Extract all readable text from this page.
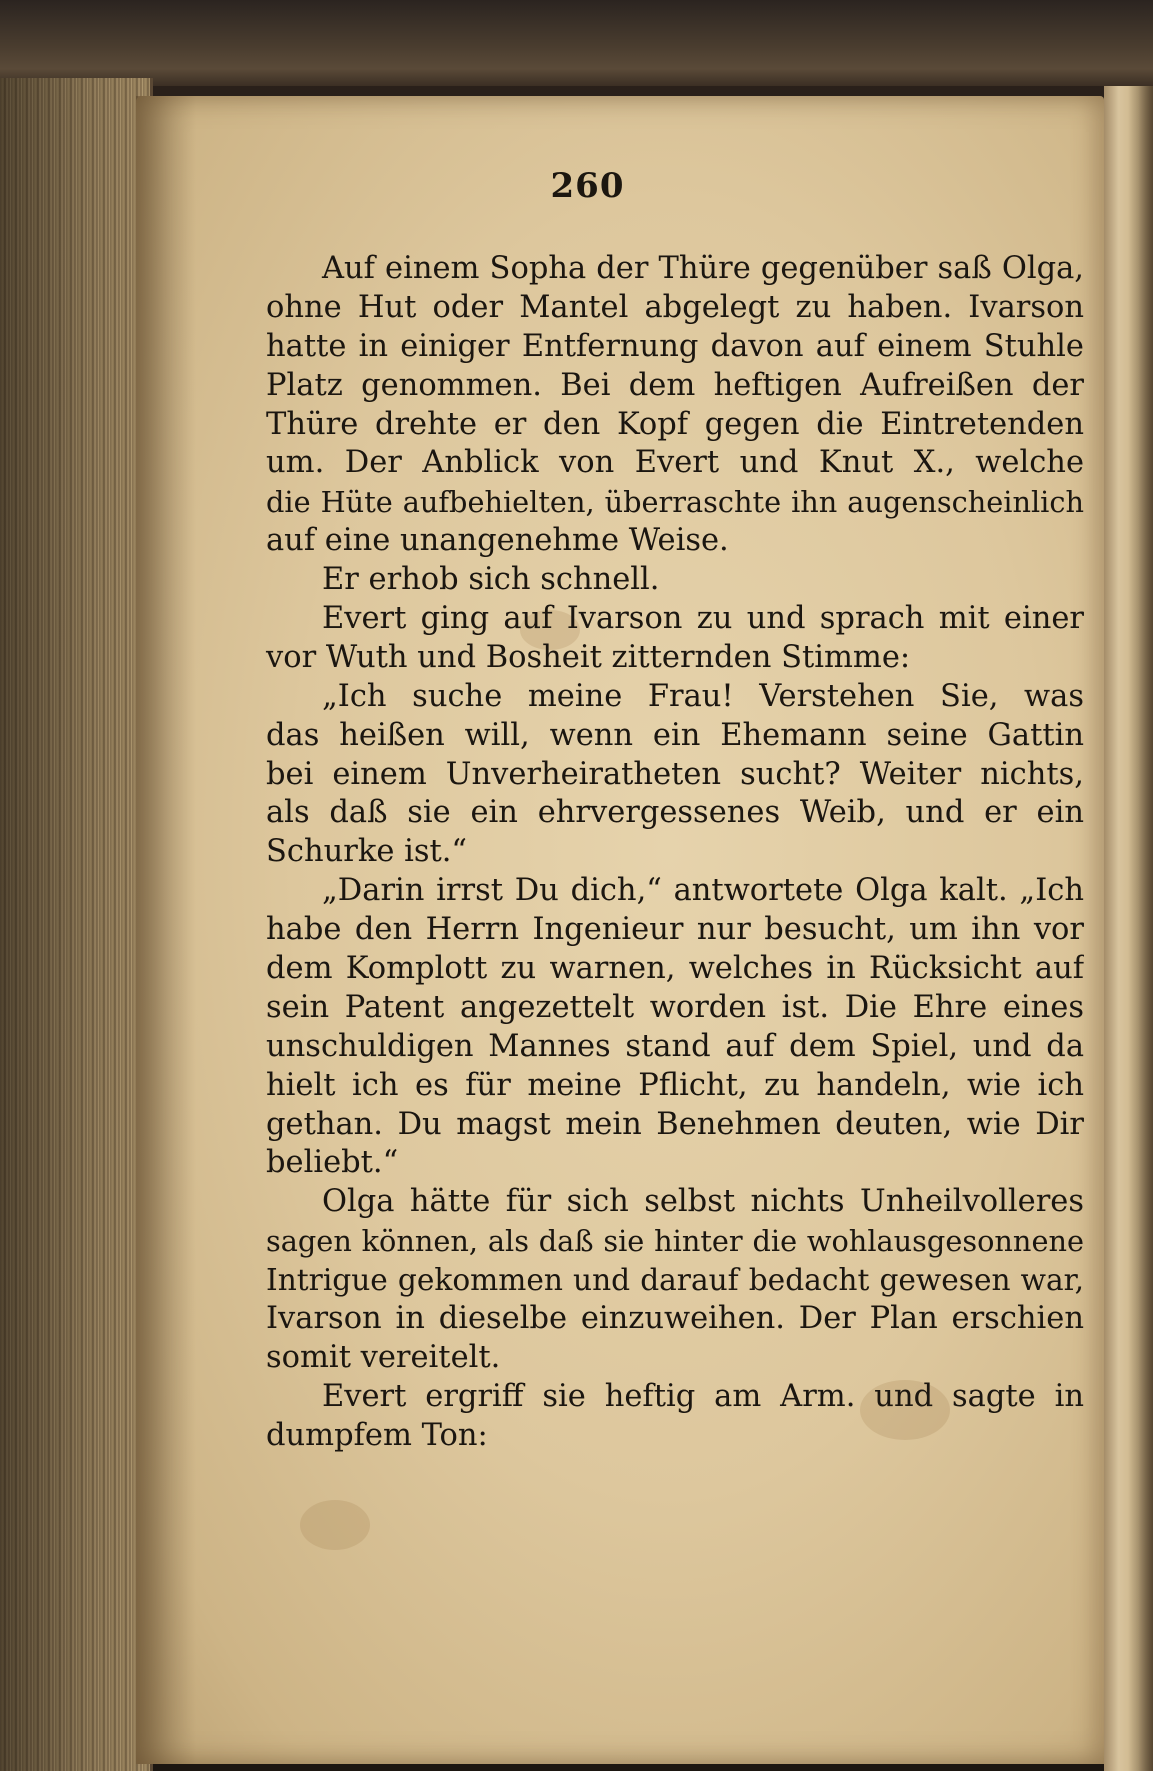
260
Auf einem Sopha der Thüre gegenüber saß Olga,
ohne Hut oder Mantel abgelegt zu haben. Ivarson
hatte in einiger Entfernung davon auf einem Stuhle
Platz genommen. Bei dem heftigen Aufreißen der
Thüre drehte er den Kopf gegen die Eintretenden
um. Der Anblick von Evert und Knut X., welche
die Hüte aufbehielten, überraschte ihn augenscheinlich
auf eine unangenehme Weise.
Er erhob sich schnell.
Evert ging auf Ivarson zu und sprach mit einer
vor Wuth und Bosheit zitternden Stimme:
„Ich suche meine Frau! Verstehen Sie, was
das heißen will, wenn ein Ehemann seine Gattin
bei einem Unverheiratheten sucht? Weiter nichts,
als daß sie ein ehrvergessenes Weib, und er ein
Schurke ist.“
„Darin irrst Du dich,“ antwortete Olga kalt. „Ich
habe den Herrn Ingenieur nur besucht, um ihn vor
dem Komplott zu warnen, welches in Rücksicht auf
sein Patent angezettelt worden ist. Die Ehre eines
unschuldigen Mannes stand auf dem Spiel, und da
hielt ich es für meine Pflicht, zu handeln, wie ich
gethan. Du magst mein Benehmen deuten, wie Dir
beliebt.“
Olga hätte für sich selbst nichts Unheilvolleres
sagen können, als daß sie hinter die wohlausgesonnene
Intrigue gekommen und darauf bedacht gewesen war,
Ivarson in dieselbe einzuweihen. Der Plan erschien
somit vereitelt.
Evert ergriff sie heftig am Arm. und sagte in
dumpfem Ton:
